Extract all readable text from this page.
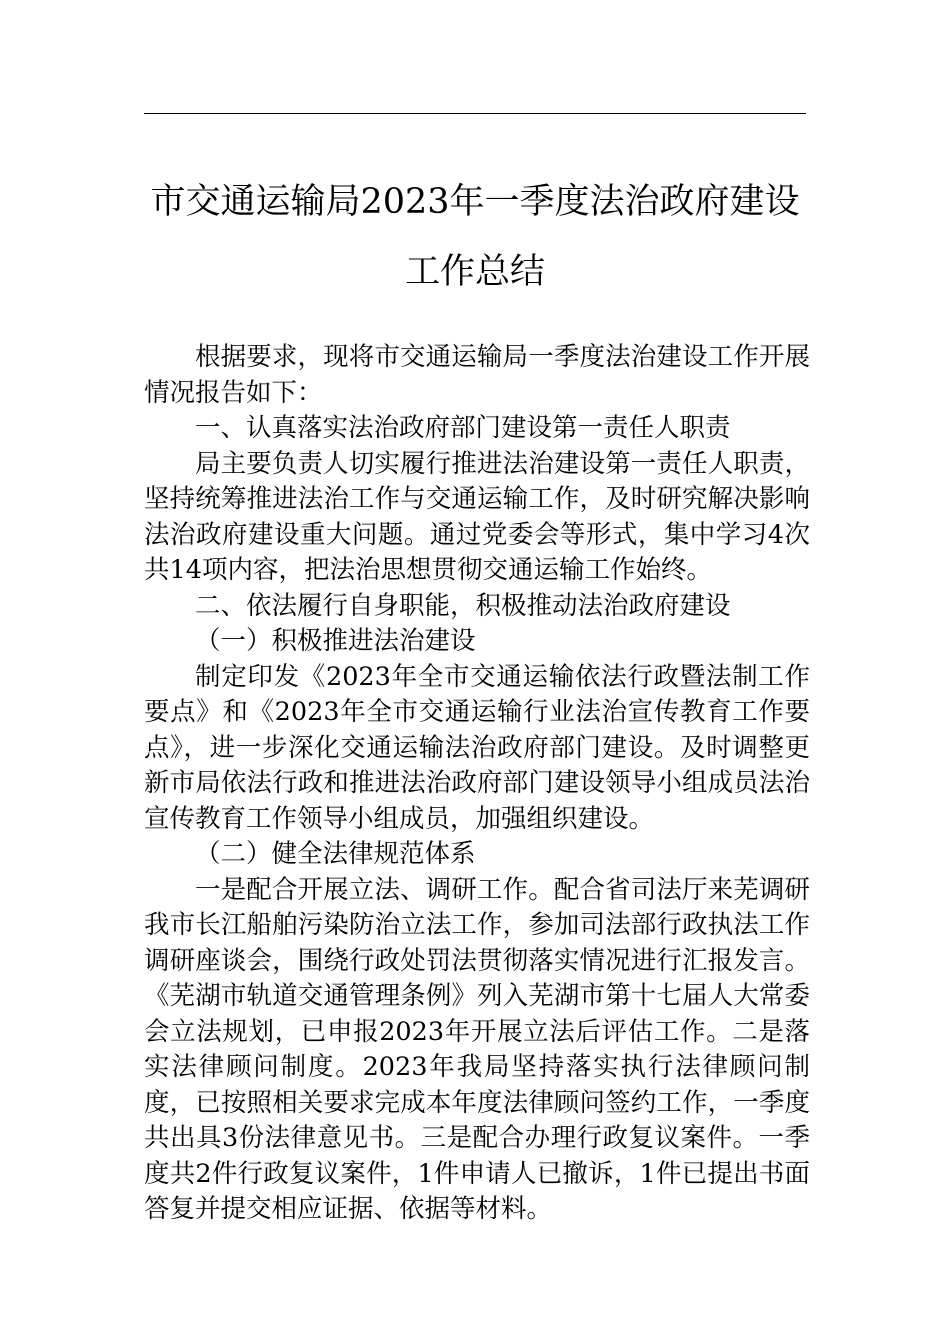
市交通运输局2023年一季度法治政府建设
工作总结

根据要求，现将市交通运输局一季度法治建设工作开展情况报告如下：

一、认真落实法治政府部门建设第一责任人职责

局主要负责人切实履行推进法治建设第一责任人职责，坚持统筹推进法治工作与交通运输工作，及时研究解决影响法治政府建设重大问题。通过党委会等形式，集中学习4次共14项内容，把法治思想贯彻交通运输工作始终。

二、依法履行自身职能，积极推动法治政府建设

（一）积极推进法治建设

制定印发《2023年全市交通运输依法行政暨法制工作要点》和《2023年全市交通运输行业法治宣传教育工作要点》，进一步深化交通运输法治政府部门建设。及时调整更新市局依法行政和推进法治政府部门建设领导小组成员法治宣传教育工作领导小组成员，加强组织建设。

（二）健全法律规范体系

一是配合开展立法、调研工作。配合省司法厅来芜调研我市长江船舶污染防治立法工作，参加司法部行政执法工作调研座谈会，围绕行政处罚法贯彻落实情况进行汇报发言。《芜湖市轨道交通管理条例》列入芜湖市第十七届人大常委会立法规划，已申报2023年开展立法后评估工作。二是落实法律顾问制度。2023年我局坚持落实执行法律顾问制度，已按照相关要求完成本年度法律顾问签约工作，一季度共出具3份法律意见书。三是配合办理行政复议案件。一季度共2件行政复议案件，1件申请人已撤诉，1件已提出书面答复并提交相应证据、依据等材料。
